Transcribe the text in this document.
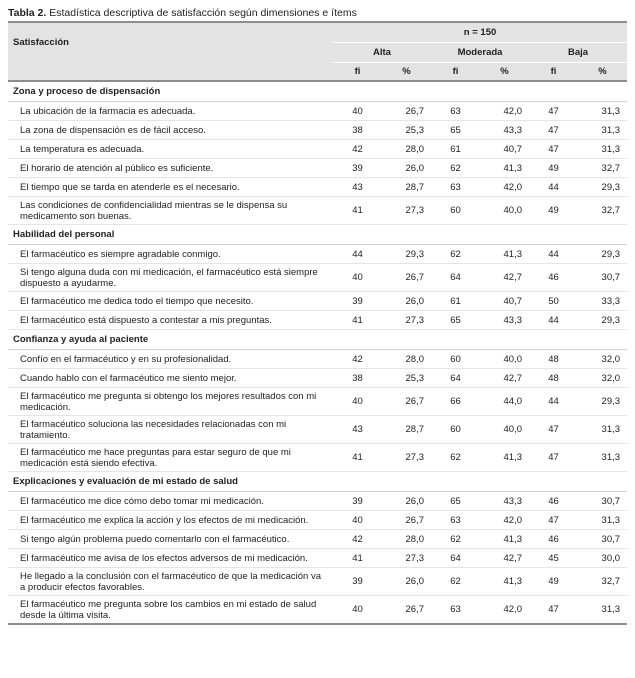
Tabla 2. Estadística descriptiva de satisfacción según dimensiones e ítems
Satisfacción	n = 150					
	Alta		Moderada		Baja	
	fi	%	fi	%	fi	%
Zona y proceso de dispensación						
La ubicación de la farmacia es adecuada.	40	26,7	63	42,0	47	31,3
La zona de dispensación es de fácil acceso.	38	25,3	65	43,3	47	31,3
La temperatura es adecuada.	42	28,0	61	40,7	47	31,3
El horario de atención al público es suficiente.	39	26,0	62	41,3	49	32,7
El tiempo que se tarda en atenderle es el necesario.	43	28,7	63	42,0	44	29,3
Las condiciones de confidencialidad mientras se le dispensa su medicamento son buenas.	41	27,3	60	40,0	49	32,7
Habilidad del personal						
El farmacéutico es siempre agradable conmigo.	44	29,3	62	41,3	44	29,3
Si tengo alguna duda con mi medicación, el farmacéutico está siempre dispuesto a ayudarme.	40	26,7	64	42,7	46	30,7
El farmacéutico me dedica todo el tiempo que necesito.	39	26,0	61	40,7	50	33,3
El farmacéutico está dispuesto a contestar a mis preguntas.	41	27,3	65	43,3	44	29,3
Confianza y ayuda al paciente						
Confío en el farmacéutico y en su profesionalidad.	42	28,0	60	40,0	48	32,0
Cuando hablo con el farmacéutico me siento mejor.	38	25,3	64	42,7	48	32,0
El farmacéutico me pregunta si obtengo los mejores resultados con mi medicación.	40	26,7	66	44,0	44	29,3
El farmacéutico soluciona las necesidades relacionadas con mi tratamiento.	43	28,7	60	40,0	47	31,3
El farmacéutico me hace preguntas para estar seguro de que mi medicación está siendo efectiva.	41	27,3	62	41,3	47	31,3
Explicaciones y evaluación de mi estado de salud						
El farmacéutico me dice cómo debo tomar mi medicación.	39	26,0	65	43,3	46	30,7
El farmacéutico me explica la acción y los efectos de mi medicación.	40	26,7	63	42,0	47	31,3
Si tengo algún problema puedo comentarlo con el farmacéutico.	42	28,0	62	41,3	46	30,7
El farmacéutico me avisa de los efectos adversos de mi medicación.	41	27,3	64	42,7	45	30,0
He llegado a la conclusión con el farmacéutico de que la medicación va a producir efectos favorables.	39	26,0	62	41,3	49	32,7
El farmacéutico me pregunta sobre los cambios en mi estado de salud desde la última visita.	40	26,7	63	42,0	47	31,3
